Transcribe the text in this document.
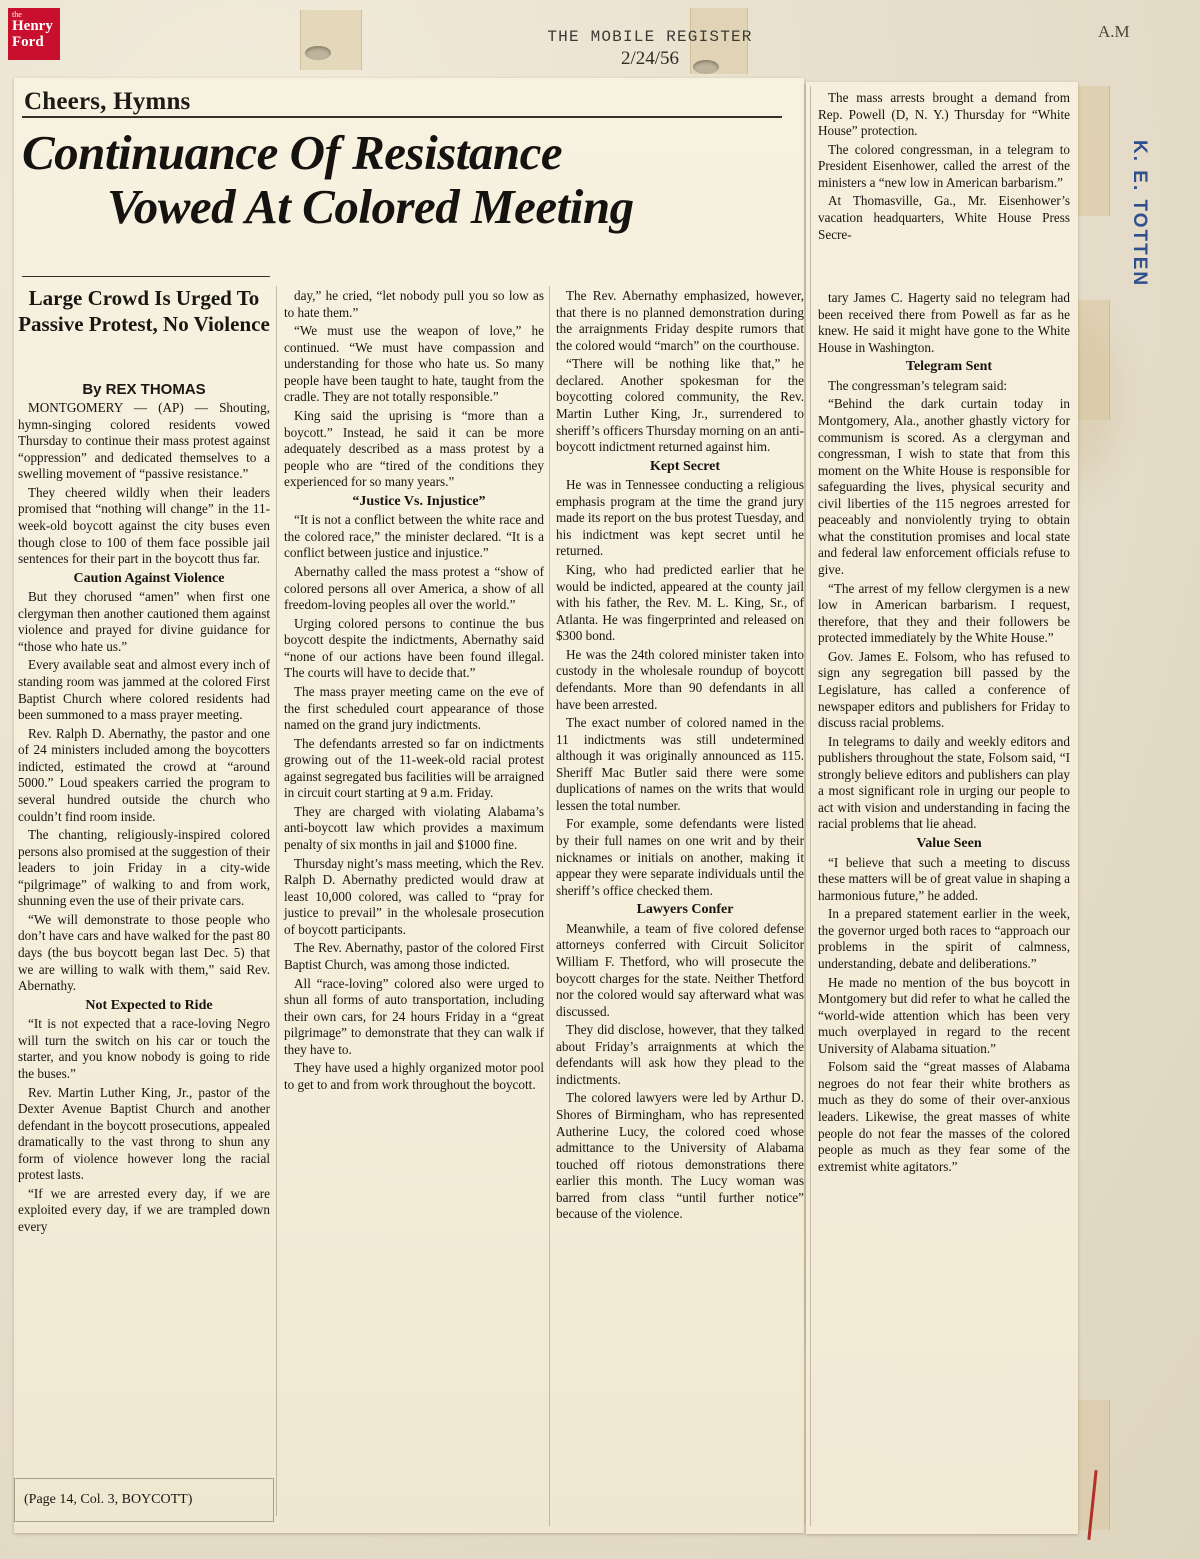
the
Henry
Ford	THE MOBILE REGISTER
2/24/56
A.M
K. E. TOTTEN
Cheers, Hymns
Continuance Of Resistance
Vowed At Colored Meeting
Large Crowd Is Urged To Passive Protest, No Violence
By REX THOMAS

MONTGOMERY — (AP) — Shouting, hymn-singing colored residents vowed Thursday to continue their mass protest against “oppression” and dedicated themselves to a swelling movement of “passive resistance.”

They cheered wildly when their leaders promised that “nothing will change” in the 11-week-old boycott against the city buses even though close to 100 of them face possible jail sentences for their part in the boycott thus far.

Caution Against Violence

But they chorused “amen” when first one clergyman then another cautioned them against violence and prayed for divine guidance for “those who hate us.”

Every available seat and almost every inch of standing room was jammed at the colored First Baptist Church where colored residents had been summoned to a mass prayer meeting.

Rev. Ralph D. Abernathy, the pastor and one of 24 ministers included among the boycotters indicted, estimated the crowd at “around 5000.” Loud speakers carried the program to several hundred outside the church who couldn’t find room inside.

The chanting, religiously-inspired colored persons also promised at the suggestion of their leaders to join Friday in a city-wide “pilgrimage” of walking to and from work, shunning even the use of their private cars.

“We will demonstrate to those people who don’t have cars and have walked for the past 80 days (the bus boycott began last Dec. 5) that we are willing to walk with them,” said Rev. Abernathy.

Not Expected to Ride

“It is not expected that a race-loving Negro will turn the switch on his car or touch the starter, and you know nobody is going to ride the buses.”

Rev. Martin Luther King, Jr., pastor of the Dexter Avenue Baptist Church and another defendant in the boycott prosecutions, appealed dramatically to the vast throng to shun any form of violence however long the racial protest lasts.

“If we are arrested every day, if we are exploited every day, if we are trampled down every

day,” he cried, “let nobody pull you so low as to hate them.”

“We must use the weapon of love,” he continued. “We must have compassion and understanding for those who hate us. So many people have been taught to hate, taught from the cradle. They are not totally responsible.”

King said the uprising is “more than a boycott.” Instead, he said it can be more adequately described as a mass protest by a people who are “tired of the conditions they experienced for so many years.”

“Justice Vs. Injustice”

“It is not a conflict between the white race and the colored race,” the minister declared. “It is a conflict between justice and injustice.”

Abernathy called the mass protest a “show of colored persons all over America, a show of all freedom-loving peoples all over the world.”

Urging colored persons to continue the bus boycott despite the indictments, Abernathy said “none of our actions have been found illegal. The courts will have to decide that.”

The mass prayer meeting came on the eve of the first scheduled court appearance of those named on the grand jury indictments.

The defendants arrested so far on indictments growing out of the 11-week-old racial protest against segregated bus facilities will be arraigned in circuit court starting at 9 a.m. Friday.

They are charged with violating Alabama’s anti-boycott law which provides a maximum penalty of six months in jail and $1000 fine.

Thursday night’s mass meeting, which the Rev. Ralph D. Abernathy predicted would draw at least 10,000 colored, was called to “pray for justice to prevail” in the wholesale prosecution of boycott participants.

The Rev. Abernathy, pastor of the colored First Baptist Church, was among those indicted.

All “race-loving” colored also were urged to shun all forms of auto transportation, including their own cars, for 24 hours Friday in a “great pilgrimage” to demonstrate that they can walk if they have to.

They have used a highly organized motor pool to get to and from work throughout the boycott.

The Rev. Abernathy emphasized, however, that there is no planned demonstration during the arraignments Friday despite rumors that the colored would “march” on the courthouse.

“There will be nothing like that,” he declared. Another spokesman for the boycotting colored community, the Rev. Martin Luther King, Jr., surrendered to sheriff’s officers Thursday morning on an anti-boycott indictment returned against him.

Kept Secret

He was in Tennessee conducting a religious emphasis program at the time the grand jury made its report on the bus protest Tuesday, and his indictment was kept secret until he returned.

King, who had predicted earlier that he would be indicted, appeared at the county jail with his father, the Rev. M. L. King, Sr., of Atlanta. He was fingerprinted and released on $300 bond.

He was the 24th colored minister taken into custody in the wholesale roundup of boycott defendants. More than 90 defendants in all have been arrested.

The exact number of colored named in the 11 indictments was still undetermined although it was originally announced as 115. Sheriff Mac Butler said there were some duplications of names on the writs that would lessen the total number.

For example, some defendants were listed by their full names on one writ and by their nicknames or initials on another, making it appear they were separate individuals until the sheriff’s office checked them.

Lawyers Confer

Meanwhile, a team of five colored defense attorneys conferred with Circuit Solicitor William F. Thetford, who will prosecute the boycott charges for the state. Neither Thetford nor the colored would say afterward what was discussed.

They did disclose, however, that they talked about Friday’s arraignments at which the defendants will ask how they plead to the indictments.

The colored lawyers were led by Arthur D. Shores of Birmingham, who has represented Autherine Lucy, the colored coed whose admittance to the University of Alabama touched off riotous demonstrations there earlier this month. The Lucy woman was barred from class “until further notice” because of the violence.

The mass arrests brought a demand from Rep. Powell (D, N. Y.) Thursday for “White House” protection.

The colored congressman, in a telegram to President Eisenhower, called the arrest of the ministers a “new low in American barbarism.”

At Thomasville, Ga., Mr. Eisenhower’s vacation headquarters, White House Press Secre-

tary James C. Hagerty said no telegram had been received there from Powell as far as he knew. He said it might have gone to the White House in Washington.

Telegram Sent

The congressman’s telegram said:

“Behind the dark curtain today in Montgomery, Ala., another ghastly victory for communism is scored. As a clergyman and congressman, I wish to state that from this moment on the White House is responsible for safeguarding the lives, physical security and civil liberties of the 115 negroes arrested for peaceably and nonviolently trying to obtain what the constitution promises and local state and federal law enforcement officials refuse to give.

“The arrest of my fellow clergymen is a new low in American barbarism. I request, therefore, that they and their followers be protected immediately by the White House.”

Gov. James E. Folsom, who has refused to sign any segregation bill passed by the Legislature, has called a conference of newspaper editors and publishers for Friday to discuss racial problems.

In telegrams to daily and weekly editors and publishers throughout the state, Folsom said, “I strongly believe editors and publishers can play a most significant role in urging our people to act with vision and understanding in facing the racial problems that lie ahead.

Value Seen

“I believe that such a meeting to discuss these matters will be of great value in shaping a harmonious future,” he added.

In a prepared statement earlier in the week, the governor urged both races to “approach our problems in the spirit of calmness, understanding, debate and deliberations.”

He made no mention of the bus boycott in Montgomery but did refer to what he called the “world-wide attention which has been very much overplayed in regard to the recent University of Alabama situation.”

Folsom said the “great masses of Alabama negroes do not fear their white brothers as much as they do some of their over-anxious leaders. Likewise, the great masses of white people do not fear the masses of the colored people as much as they fear some of the extremist white agitators.”

(Page 14, Col. 3, BOYCOTT)
